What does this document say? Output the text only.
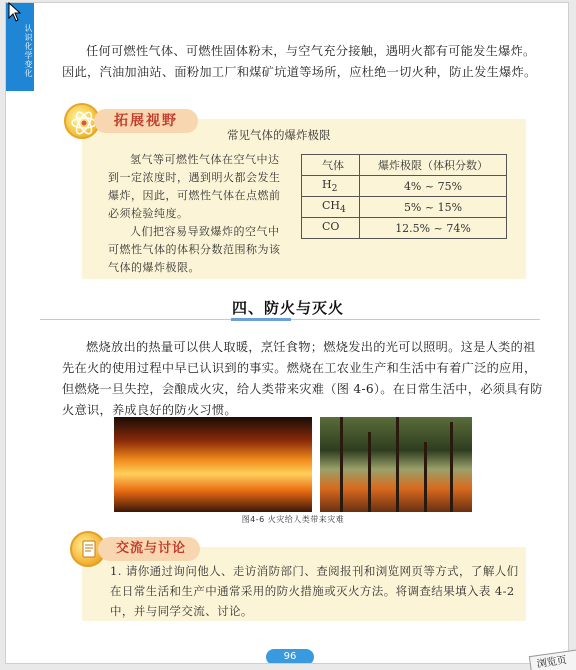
认识化学变化	任何可燃性气体、可燃性固体粉末，与空气充分接触，遇明火都有可能发生爆炸。因此，汽油加油站、面粉加工厂和煤矿坑道等场所，应杜绝一切火种，防止发生爆炸。

拓展视野
常见气体的爆炸极限

氢气等可燃性气体在空气中达到一定浓度时，遇到明火都会发生爆炸，因此，可燃性气体在点燃前必须检验纯度。

人们把容易导致爆炸的空气中可燃性气体的体积分数范围称为该气体的爆炸极限。

气体	爆炸极限（体积分数）
$H_2$	4% ~ 75%
$CH_4$	5% ~ 15%
CO	12.5% ~ 74%
四、防火与灭火

燃烧放出的热量可以供人取暖，烹饪食物；燃烧发出的光可以照明。这是人类的祖先在火的使用过程中早已认识到的事实。燃烧在工农业生产和生活中有着广泛的应用，但燃烧一旦失控，会酿成火灾，给人类带来灾难（图 4-6）。在日常生活中，必须具有防火意识，养成良好的防火习惯。

图4-6 火灾给人类带来灾难
交流与讨论

1. 请你通过询问他人、走访消防部门、查阅报刊和浏览网页等方式，了解人们在日常生活和生产中通常采用的防火措施或灭火方法。将调查结果填入表 4-2 中，并与同学交流、讨论。

96	浏览页
